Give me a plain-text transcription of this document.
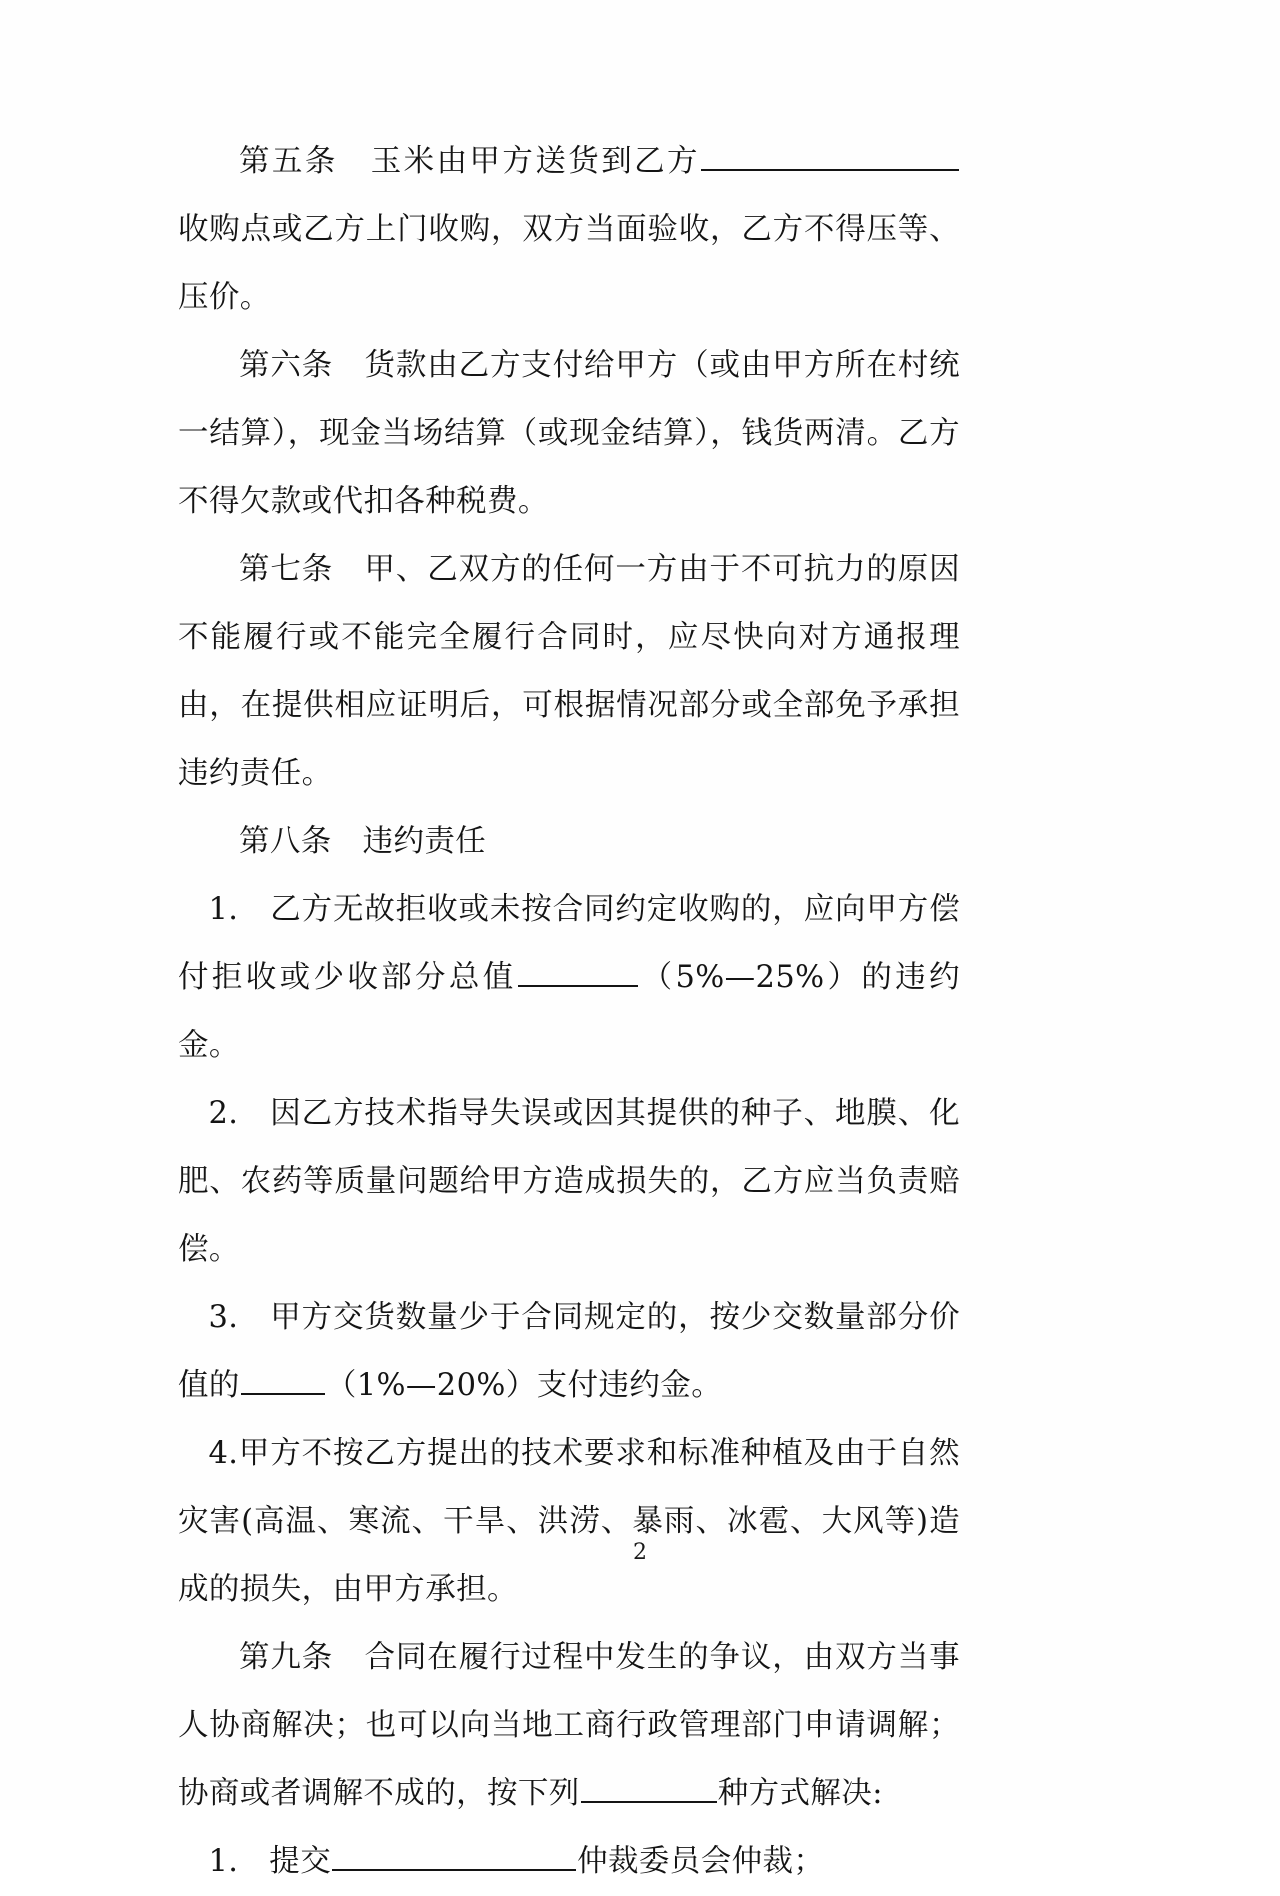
第五条　玉米由甲方送货到乙方收购点或乙方上门收购，双方当面验收，乙方不得压等、压价。

第六条　货款由乙方支付给甲方（或由甲方所在村统一结算），现金当场结算（或现金结算），钱货两清。乙方不得欠款或代扣各种税费。

第七条　甲、乙双方的任何一方由于不可抗力的原因不能履行或不能完全履行合同时，应尽快向对方通报理由，在提供相应证明后，可根据情况部分或全部免予承担违约责任。

第八条　违约责任

1.　乙方无故拒收或未按合同约定收购的，应向甲方偿付拒收或少收部分总值	（5%—25%）的违约金。

2.　因乙方技术指导失误或因其提供的种子、地膜、化肥、农药等质量问题给甲方造成损失的，乙方应当负责赔偿。

3.　甲方交货数量少于合同规定的，按少交数量部分价值的	（1%—20%）支付违约金。

4.甲方不按乙方提出的技术要求和标准种植及由于自然灾害(高温、寒流、干旱、洪涝、暴雨、冰雹、大风等)造成的损失，由甲方承担。

第九条　合同在履行过程中发生的争议，由双方当事人协商解决；也可以向当地工商行政管理部门申请调解；协商或者调解不成的，按下列	种方式解决:

1.　提交	仲裁委员会仲裁；

2
